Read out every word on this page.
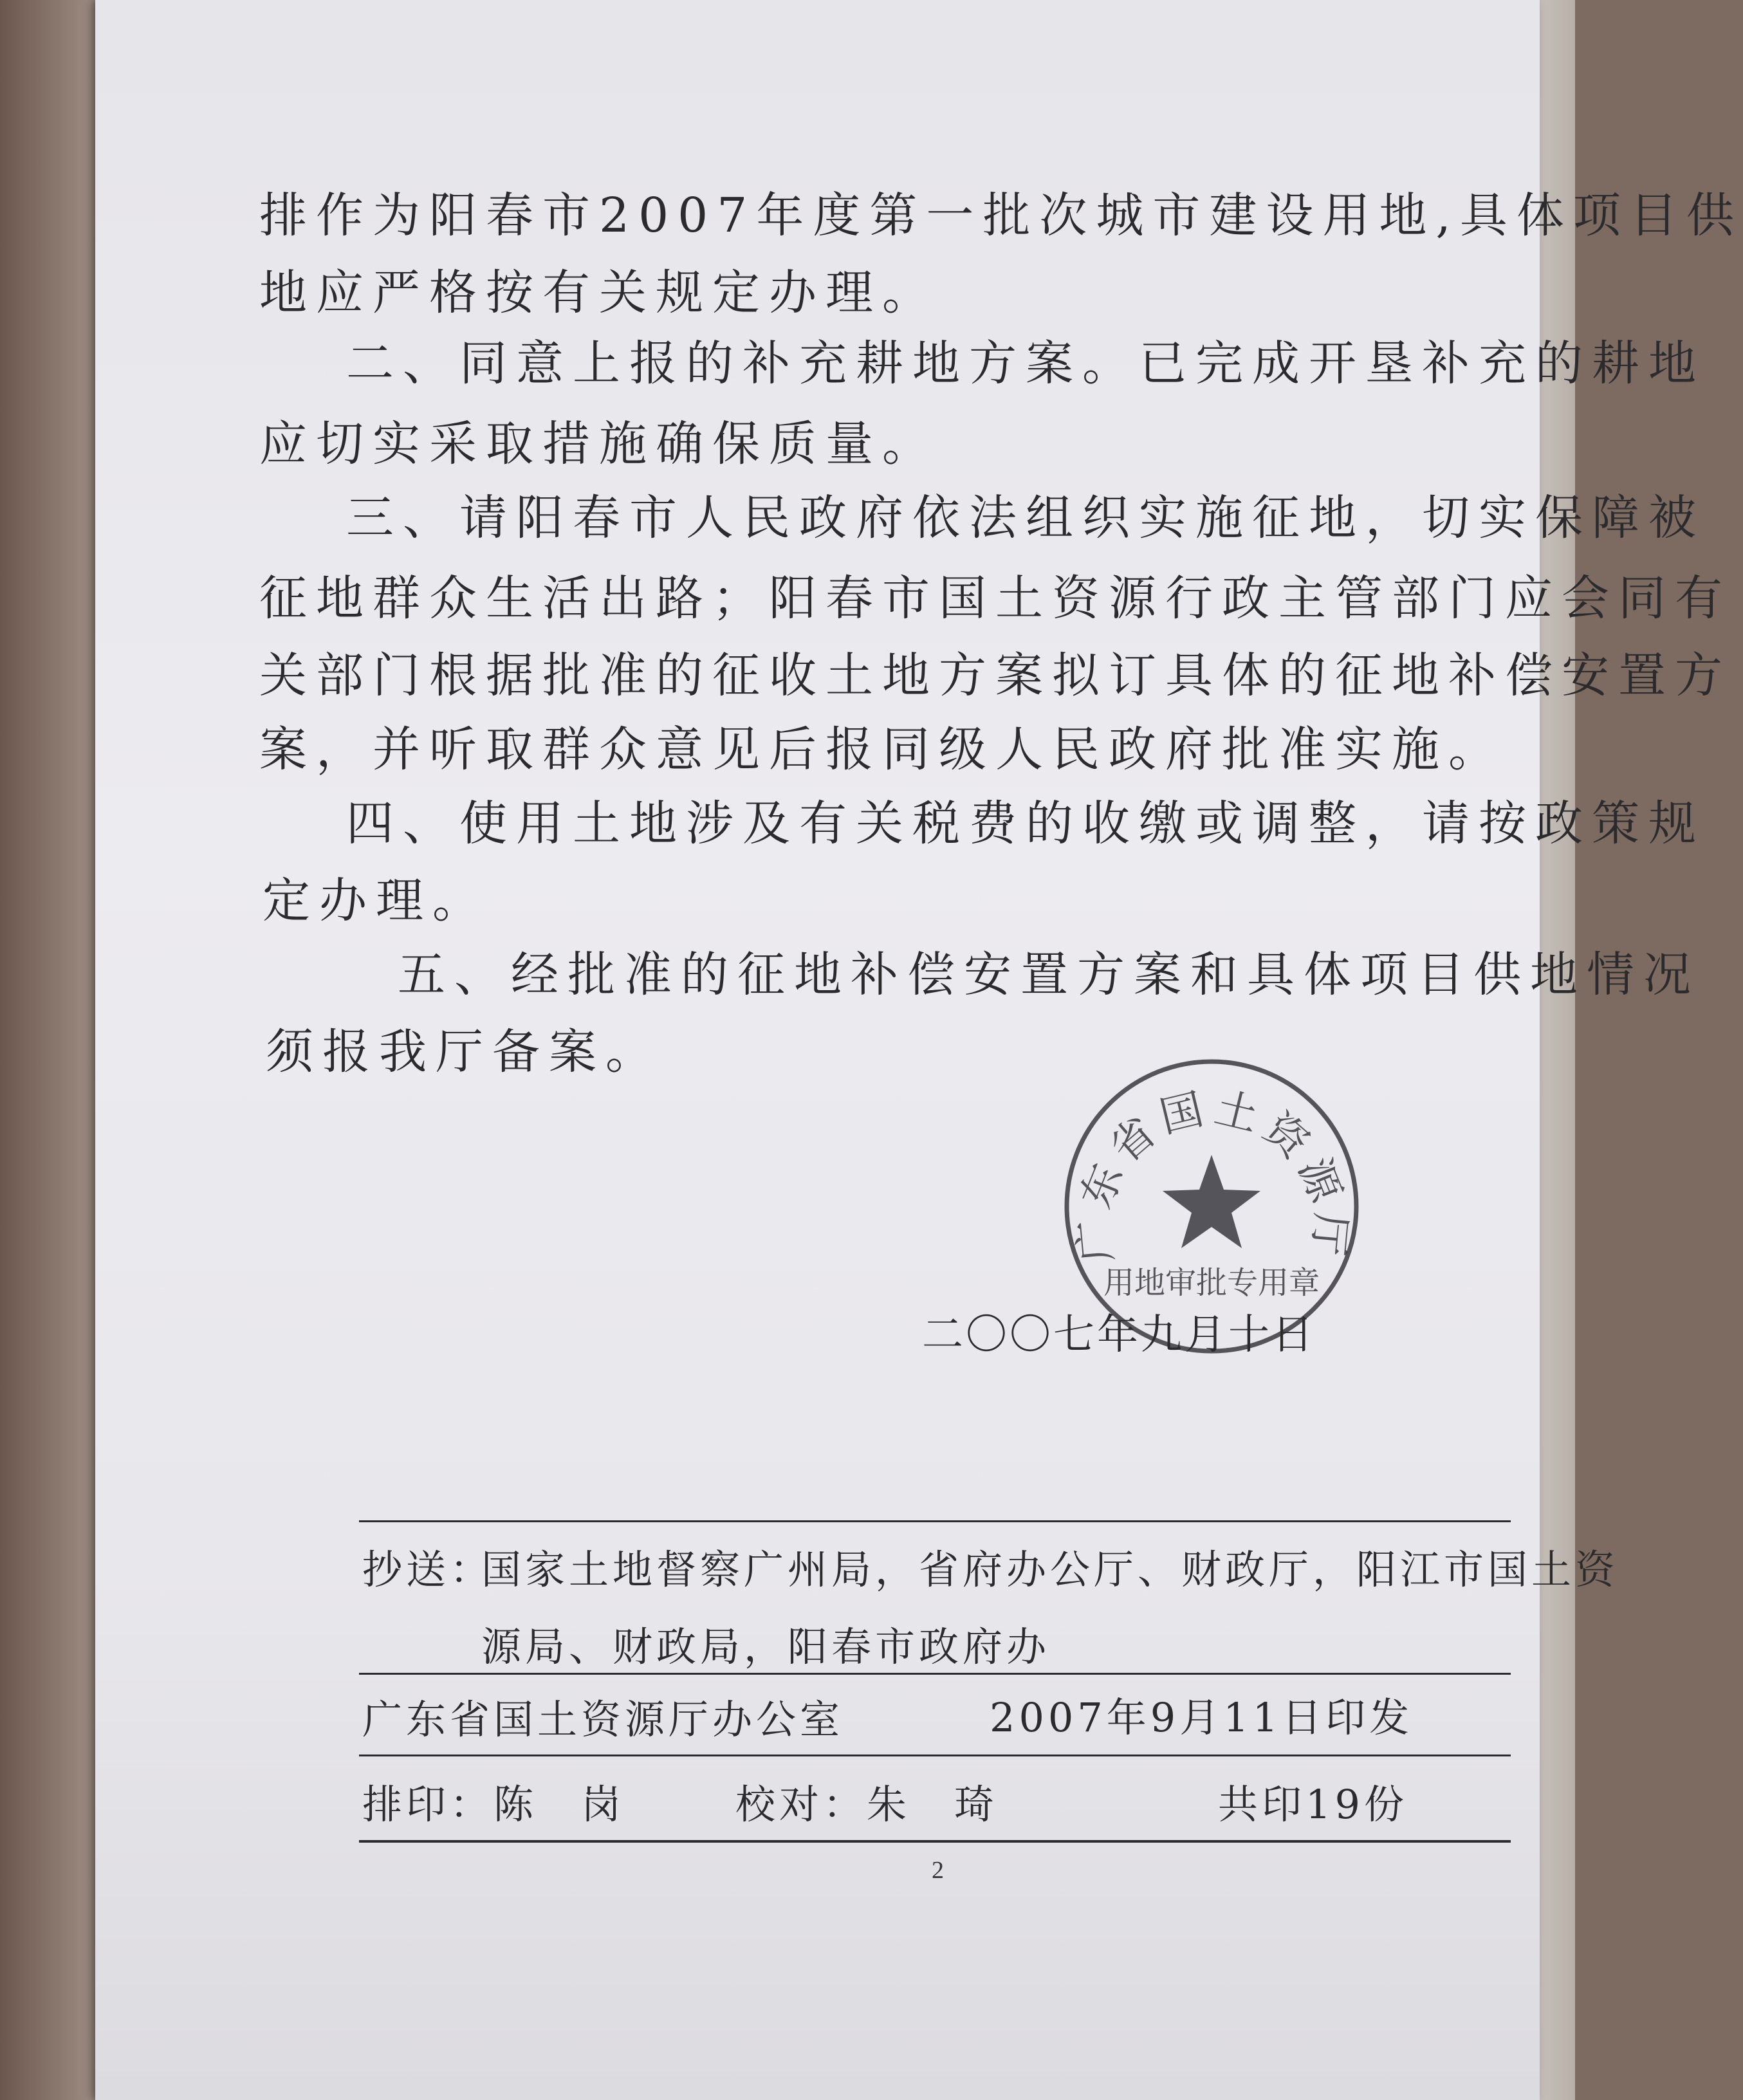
排作为阳春市2007年度第一批次城市建设用地,具体项目供
地应严格按有关规定办理。
二、同意上报的补充耕地方案。已完成开垦补充的耕地
应切实采取措施确保质量。
三、请阳春市人民政府依法组织实施征地，切实保障被
征地群众生活出路；阳春市国土资源行政主管部门应会同有
关部门根据批准的征收土地方案拟订具体的征地补偿安置方
案，并听取群众意见后报同级人民政府批准实施。
四、使用土地涉及有关税费的收缴或调整，请按政策规
定办理。
五、经批准的征地补偿安置方案和具体项目供地情况
须报我厅备案。
广东省国土资源厅
用地审批专用章
二〇〇七年九月十日
抄送：
国家土地督察广州局，省府办公厅、财政厅，阳江市国土资
源局、财政局，阳春市政府办
广东省国土资源厅办公室	2007年9月11日印发
排印：陈　岗	校对：朱　琦	共印19份
2
